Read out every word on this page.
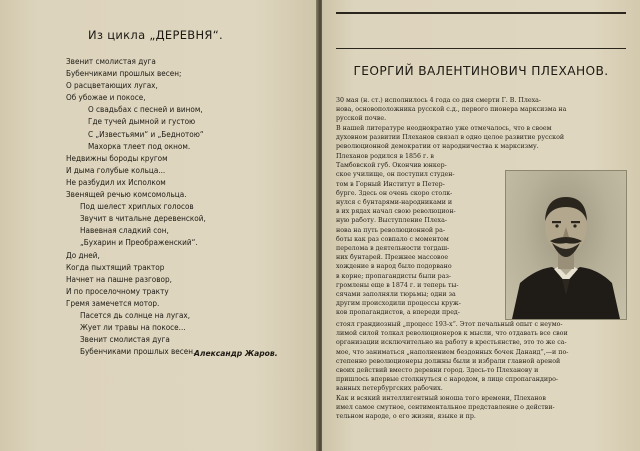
Из цикла „ДЕРЕВНЯ“.
Звенит смолистая дуга
Бубенчиками прошлых весен;
О расцветающих лугах,
Об убожае и покосе,
О свадьбах с песней и вином,
Где тучей дымной и густою
С „Известьями“ и „Беднотою“
Махорка тлеет под окном.
Недвижны бороды кругом
И дыма голубые кольца...
Не разбудил их Исполком
Звенящей речью комсомольца.
Под шелест хриплых голосов
Звучит в читальне деревенской,
Навевная сладкий сон,
„Бухарин и Преображенский“.
До дней,
Когда пыхтящий трактор
Начнет на пашне разговор,
И по проселочному тракту
Гремя замечется мотор.
Пасется дь солнце на лугах,
Жует ли травы на покосе...
Звенит смолистая дуга
Бубенчиками прошлых весен.
Александр Жаров.
ГЕОРГИЙ ВАЛЕНТИНОВИЧ ПЛЕХАНОВ.
30 мая (н. ст.) исполнилось 4 года со дня смерти Г. В. Плеха-
нова, основоположника русской с.д., первого пионера марксизма на
русской почве.
В нашей литературе неоднократно уже отмечалось, что в своем
духовном развитии Плеханов связал в одно целое развитие русской
революционной демократии от народничества к марксизму.
Плеханов родился в 1856 г. в
Тамбовской губ. Окончив юнкер-
ское училище, он поступил студен-
том в Горный Институт в Петер-
бурге. Здесь он очень скоро столк-
нулся с бунтарями-народниками и
в их рядах начал свою революцион-
ную работу. Выступление Плеха-
нова на путь революционной ра-
боты как раз совпало с моментом
перелома в деятельности тогдаш-
них бунтарей. Прежнее массовое
хождение в народ было подорвано
в корне; пропагандисты были раз-
громлены еще в 1874 г. и теперь ты-
сячами заполняли тюрьмы; одни за
другим происходили процессы круж-
ков пропагандистов, а впереди пред-
стоял грандиозный „процесс 193-х“. Этот печальный опыт с неумо-
лимой силой толкал революционеров к мысли, что отдавать все свои
организации исключительно на работу в крестьянстве, это то же са-
мое, что заниматься „наполнением бездонных бочек Данаид“,—и по-
степенно революционеры должны были и избрали главной ареной
своих действий вместо деревни город. Здесь-то Плеханову и
пришлось впервые столкнуться с народом, в лице спропагандиро-
ванных петербургских рабочих.
Как и всякий интеллигентный юноша того времени, Плеханов
имел самое смутное, сентиментальное представление о действи-
тельном народе, о его жизни, языке и пр.
